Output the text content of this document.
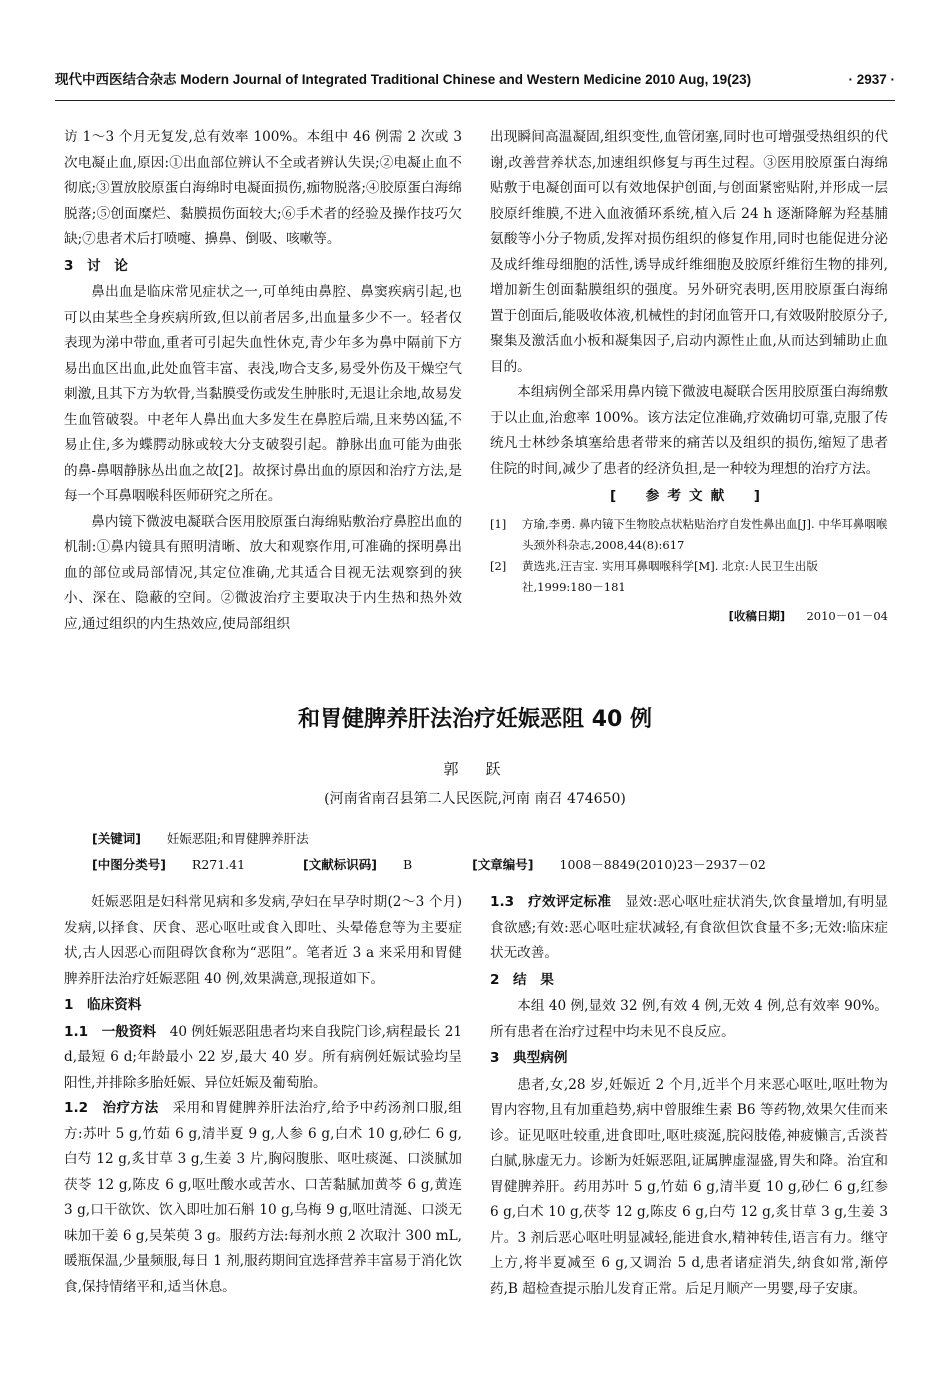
现代中西医结合杂志 Modern Journal of Integrated Traditional Chinese and Western Medicine 2010 Aug, 19(23)	· 2937 ·

访 1～3 个月无复发,总有效率 100%。本组中 46 例需 2 次或 3 次电凝止血,原因:①出血部位辨认不全或者辨认失误;②电凝止血不彻底;③置放胶原蛋白海绵时电凝面损伤,痂物脱落;④胶原蛋白海绵脱落;⑤创面糜烂、黏膜损伤面较大;⑥手术者的经验及操作技巧欠缺;⑦患者术后打喷嚏、擤鼻、倒吸、咳嗽等。

3　讨　论

鼻出血是临床常见症状之一,可单纯由鼻腔、鼻窦疾病引起,也可以由某些全身疾病所致,但以前者居多,出血量多少不一。轻者仅表现为涕中带血,重者可引起失血性休克,青少年多为鼻中隔前下方易出血区出血,此处血管丰富、表浅,吻合支多,易受外伤及干燥空气刺激,且其下方为软骨,当黏膜受伤或发生肿胀时,无退让余地,故易发生血管破裂。中老年人鼻出血大多发生在鼻腔后端,且来势凶猛,不易止住,多为蝶腭动脉或较大分支破裂引起。静脉出血可能为曲张的鼻-鼻咽静脉丛出血之故[2]。故探讨鼻出血的原因和治疗方法,是每一个耳鼻咽喉科医师研究之所在。

鼻内镜下微波电凝联合医用胶原蛋白海绵贴敷治疗鼻腔出血的机制:①鼻内镜具有照明清晰、放大和观察作用,可准确的探明鼻出血的部位或局部情况,其定位准确,尤其适合目视无法观察到的狭小、深在、隐蔽的空间。②微波治疗主要取决于内生热和热外效应,通过组织的内生热效应,使局部组织

出现瞬间高温凝固,组织变性,血管闭塞,同时也可增强受热组织的代谢,改善营养状态,加速组织修复与再生过程。③医用胶原蛋白海绵贴敷于电凝创面可以有效地保护创面,与创面紧密贴附,并形成一层胶原纤维膜,不进入血液循环系统,植入后 24 h 逐渐降解为羟基脯氨酸等小分子物质,发挥对损伤组织的修复作用,同时也能促进分泌及成纤维母细胞的活性,诱导成纤维细胞及胶原纤维衍生物的排列,增加新生创面黏膜组织的强度。另外研究表明,医用胶原蛋白海绵置于创面后,能吸收体液,机械性的封闭血管开口,有效吸附胶原分子,聚集及激活血小板和凝集因子,启动内源性止血,从而达到辅助止血目的。

本组病例全部采用鼻内镜下微波电凝联合医用胶原蛋白海绵敷于以止血,治愈率 100%。该方法定位准确,疗效确切可靠,克服了传统凡士林纱条填塞给患者带来的痛苦以及组织的损伤,缩短了患者住院的时间,减少了患者的经济负担,是一种较为理想的治疗方法。

[　参考文献　]
[1]	方瑜,李勇. 鼻内镜下生物胶点状粘贴治疗自发性鼻出血[J]. 中华耳鼻咽喉头颈外科杂志,2008,44(8):617
[2]	黄选兆,汪吉宝. 实用耳鼻咽喉科学[M]. 北京:人民卫生出版社,1999:180－181
[收稿日期] 2010－01－04
和胃健脾养肝法治疗妊娠恶阻 40 例
郭　跃
(河南省南召县第二人民医院,河南 南召 474650)
[关键词] 妊娠恶阻;和胃健脾养肝法
[中图分类号] R271.41	[文献标识码] B	[文章编号] 1008－8849(2010)23－2937－02

妊娠恶阻是妇科常见病和多发病,孕妇在早孕时期(2～3 个月)发病,以择食、厌食、恶心呕吐或食入即吐、头晕倦怠等为主要症状,古人因恶心而阻碍饮食称为“恶阻”。笔者近 3 a 来采用和胃健脾养肝法治疗妊娠恶阻 40 例,效果满意,现报道如下。

1　临床资料

1.1　一般资料　 40 例妊娠恶阻患者均来自我院门诊,病程最长 21 d,最短 6 d;年龄最小 22 岁,最大 40 岁。所有病例妊娠试验均呈阳性,并排除多胎妊娠、异位妊娠及葡萄胎。

1.2　治疗方法　 采用和胃健脾养肝法治疗,给予中药汤剂口服,组方:苏叶 5 g,竹茹 6 g,清半夏 9 g,人参 6 g,白术 10 g,砂仁 6 g,白芍 12 g,炙甘草 3 g,生姜 3 片,胸闷腹胀、呕吐痰涎、口淡腻加茯苓 12 g,陈皮 6 g,呕吐酸水或苦水、口苦黏腻加黄芩 6 g,黄连 3 g,口干欲饮、饮入即吐加石斛 10 g,乌梅 9 g,呕吐清涎、口淡无味加干姜 6 g,吴茱萸 3 g。服药方法:每剂水煎 2 次取汁 300 mL,暖瓶保温,少量频服,每日 1 剂,服药期间宜选择营养丰富易于消化饮食,保持情绪平和,适当休息。

1.3　疗效评定标准　 显效:恶心呕吐症状消失,饮食量增加,有明显食欲感;有效:恶心呕吐症状减轻,有食欲但饮食量不多;无效:临床症状无改善。

2　结　果

本组 40 例,显效 32 例,有效 4 例,无效 4 例,总有效率 90%。所有患者在治疗过程中均未见不良反应。

3　典型病例

患者,女,28 岁,妊娠近 2 个月,近半个月来恶心呕吐,呕吐物为胃内容物,且有加重趋势,病中曾服维生素 B6 等药物,效果欠佳而来诊。证见呕吐较重,进食即吐,呕吐痰涎,脘闷肢倦,神疲懒言,舌淡苔白腻,脉虚无力。诊断为妊娠恶阻,证属脾虚湿盛,胃失和降。治宜和胃健脾养肝。药用苏叶 5 g,竹茹 6 g,清半夏 10 g,砂仁 6 g,红参 6 g,白术 10 g,茯苓 12 g,陈皮 6 g,白芍 12 g,炙甘草 3 g,生姜 3 片。3 剂后恶心呕吐明显减轻,能进食水,精神转佳,语言有力。继守上方,将半夏减至 6 g,又调治 5 d,患者诸症消失,纳食如常,渐停药,B 超检查提示胎儿发育正常。后足月顺产一男婴,母子安康。
